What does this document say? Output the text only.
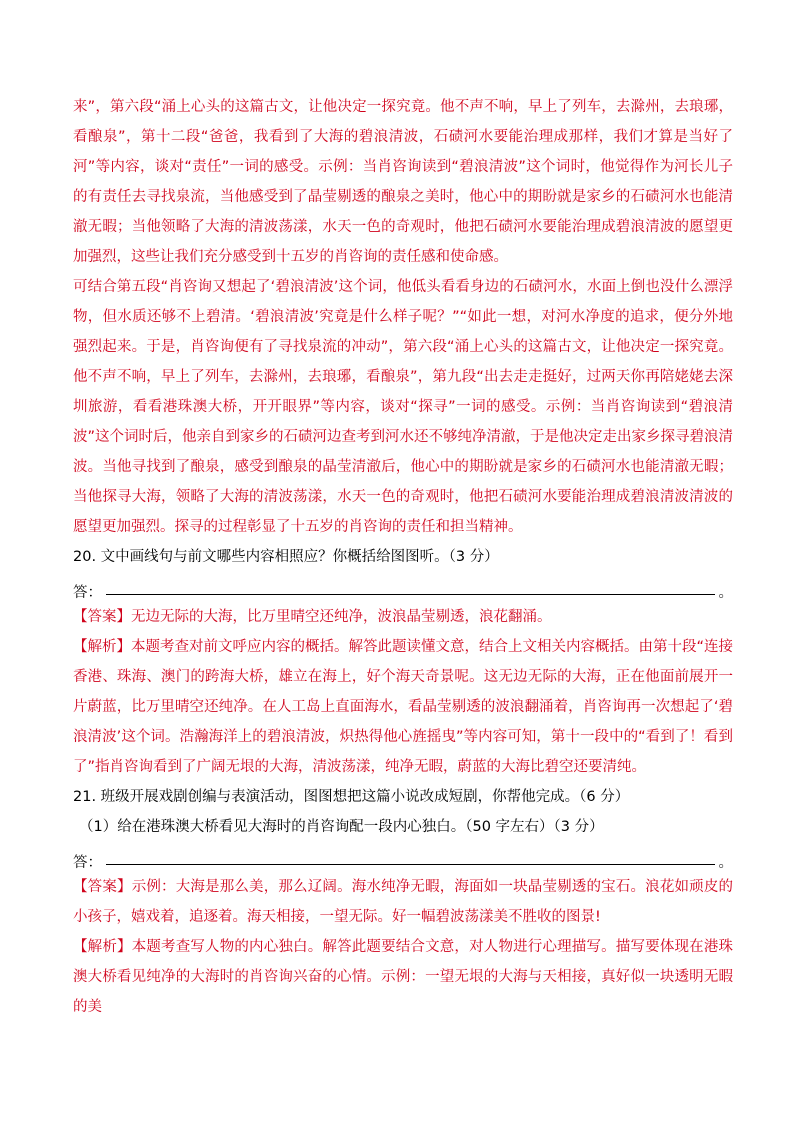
来”，第六段“涌上心头的这篇古文，让他决定一探究竟。他不声不响，早上了列车，去滁州，去琅琊，看酿泉”，第十二段“爸爸，我看到了大海的碧浪清波，石碛河水要能治理成那样，我们才算是当好了河”等内容，谈对“责任”一词的感受。示例：当肖咨询读到“碧浪清波”这个词时，他觉得作为河长儿子的有责任去寻找泉流，当他感受到了晶莹剔透的酿泉之美时，他心中的期盼就是家乡的石碛河水也能清澈无暇；当他领略了大海的清波荡漾，水天一色的奇观时，他把石碛河水要能治理成碧浪清波的愿望更加强烈，这些让我们充分感受到十五岁的肖咨询的责任感和使命感。

可结合第五段“肖咨询又想起了‘碧浪清波’这个词，他低头看看身边的石碛河水，水面上倒也没什么漂浮物，但水质还够不上碧清。‘碧浪清波’究竟是什么样子呢？”“如此一想，对河水净度的追求，便分外地强烈起来。于是，肖咨询便有了寻找泉流的冲动”，第六段“涌上心头的这篇古文，让他决定一探究竟。他不声不响，早上了列车，去滁州，去琅琊，看酿泉”，第九段“出去走走挺好，过两天你再陪姥姥去深圳旅游，看看港珠澳大桥，开开眼界”等内容，谈对“探寻”一词的感受。示例：当肖咨询读到“碧浪清波”这个词时后，他亲自到家乡的石碛河边查考到河水还不够纯净清澈，于是他决定走出家乡探寻碧浪清波。当他寻找到了酿泉，感受到酿泉的晶莹清澈后，他心中的期盼就是家乡的石碛河水也能清澈无暇；当他探寻大海，领略了大海的清波荡漾，水天一色的奇观时，他把石碛河水要能治理成碧浪清波清波的愿望更加强烈。探寻的过程彰显了十五岁的肖咨询的责任和担当精神。

20. 文中画线句与前文哪些内容相照应？你概括给图图听。（3 分）

答：	。

【答案】无边无际的大海，比万里晴空还纯净，波浪晶莹剔透，浪花翻涌。

【解析】本题考查对前文呼应内容的概括。解答此题读懂文意，结合上文相关内容概括。由第十段“连接香港、珠海、澳门的跨海大桥，雄立在海上，好个海天奇景呢。这无边无际的大海，正在他面前展开一片蔚蓝，比万里晴空还纯净。在人工岛上直面海水，看晶莹剔透的波浪翻涌着，肖咨询再一次想起了‘碧浪清波’这个词。浩瀚海洋上的碧浪清波，炽热得他心旌摇曳”等内容可知，第十一段中的“看到了！看到了”指肖咨询看到了广阔无垠的大海，清波荡漾，纯净无暇，蔚蓝的大海比碧空还要清纯。

21. 班级开展戏剧创编与表演活动，图图想把这篇小说改成短剧，你帮他完成。（6 分）

（1）给在港珠澳大桥看见大海时的肖咨询配一段内心独白。（50 字左右）（3 分）

答：	。

【答案】示例：大海是那么美，那么辽阔。海水纯净无暇，海面如一块晶莹剔透的宝石。浪花如顽皮的小孩子，嬉戏着，追逐着。海天相接，一望无际。好一幅碧波荡漾美不胜收的图景!

【解析】本题考查写人物的内心独白。解答此题要结合文意，对人物进行心理描写。描写要体现在港珠澳大桥看见纯净的大海时的肖咨询兴奋的心情。示例：一望无垠的大海与天相接，真好似一块透明无暇的美
